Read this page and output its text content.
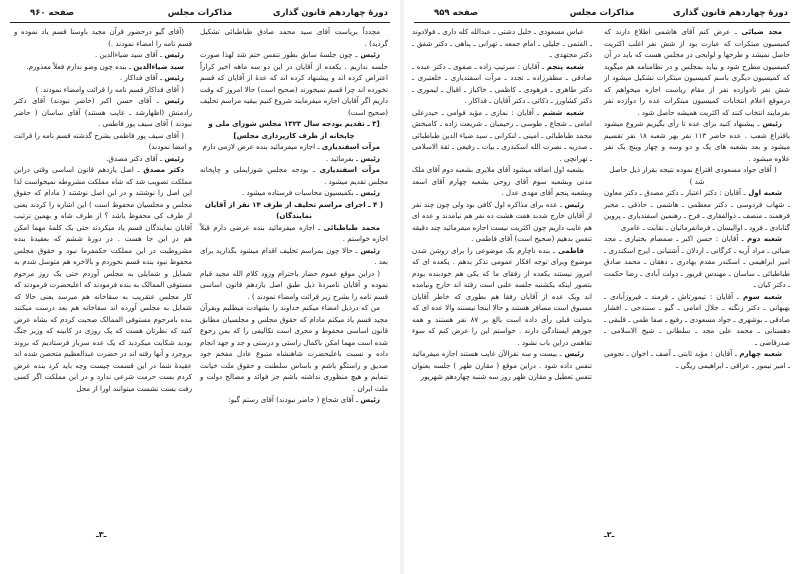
دورهٔ چهاردهم قانون گذاری
مذاکرات مجلس
صفحه ۹۶۰

مجدداً بریاست آقای سید محمد صادق طباطبائی تشکیل گردید) .

رئیس ـ چون جلسهٔ سابق بطور تنفس ختم شد لهذا صورت جلسه نداریم . یکعده از آقایان در این دو سه ماهه اخیر کراراً اعتراض کرده اند و پیشنهاد کرده اند که عدهٔ از آقایان که قسم نخورده اند چرا قسم نمیخورند (صحیح است) حالا امروز که وقت داریم اگر آقایان اجازه میفرمایند شروع کنیم بیقیه مراسم تحلیف (صحیح است)

[۳ ـ تقدیم بودجه سال ۱۳۲۳ مجلس شورای ملی و چاپخانه از طرف کارپردازی مجلس]

مرآت اسفندیاری ـ اجازه میفرمائید بنده عرض لازمی دارم

رئیس ـ بفرمائید .

مرآت اسفندیاری ـ بودجه مجلس شورایملی و چاپخانه مجلس تقدیم میشود .

رئیس ـ بکمیسیون محاسبات فرستاده میشود .

( ۴ ـ اجرای مراسم تحلیف از طرف ۱۴ نفر از آقایان نمایندگان)

محمد طباطبائی ـ اجازه میفرمائید بنده عرضی دارم قبلاً اجازه خواستم .

رئیس ـ حالا چون بمراسم تحلیف اقدام میشود بگذارید برای بعد .

( دراین موقع عموم حضار باحترام ورود کلام الله مجید قیام نموده و آقایان نامبردهٔ ذیل طبق اصل یازدهم قانون اساسی قسم نامه را بشرح زیر قرائت وامضاء نمودند ) .

من که درذیل امضاء میکنم خداوند را بشهادت میطلبم وبقرآن مجید قسم یاد میکنم مادام که حقوق مجلس و مجلسیان مطابق قانون اساسی محفوظ و مجری است تکالیفی را که بمن رجوع شده است مهما امکن باکمال راستی و درستی و جد و جهد انجام داده و نسبت باعلیحضرت شاهنشاه متبوع عادل مفخم خود صدیق و راستگو باشم و باساس سلطنت و حقوق ملت خیانت ننمایم و هیچ منظوری نداشته باشم جز فوائد و مصالح دولت و ملت ایران .

رئیس ـ آقای شجاع ( حاضر نبودند) آقای رستم گیو:

(آقای گیو درحضور قرآن مجید باوسنا قسم یاد نموده و قسم نامه را امضاء نمودند .)

رئیس ـ آقای سید ضیاءالدین .

سید ضیاءالدین ـ بنده چون وضو ندارم فعلاً معذورم.

رئیس ـ آقای فداکار .

( آقای فداکار قسم نامه را قرائت وامضاء نمودند. )

رئیس ـ آقای حسن اکبر (حاضر نبودند) آقای دکتر رادمنش (اظهارشد ـ غایب هستند) آقای ساسان ( حاضر نبودند ) آقای سیف پور فاطمی .

( آقای سیف پور فاطمی بشرح گذشته قسم نامه را قرائت و امضا نمودند)

رئیس ـ آقای دکتر مصدق.

دکتر مصدق ـ اصل یازدهم قانون اساسی وقتی دراین مملکت تصویب شد که شاه مملکت مشروطه نمیخواست لذا این اصل را نوشتند و در این اصل نوشتند ( مادام که حقوق مجلس و مجلسیان محفوظ است ) این اشاره را کردند یعنی از طرف کی محفوظ باشد ؟ از طرف شاه و بهمین ترتیب آقایان نمایندگان قسم یاد میکردند حتی یک کلمهٔ مهما امکن هم در این جا هست . در دورهٔ ششم که بعقیدهٔ بنده مشروطیت در این مملکت حکمفرما نبود و حقوق مجلس محفوظ نبود بنده قسم نخوردم و بالاخره هم متوسل شدم به شمایل و شمایلی به مجلس آوردم حتی یک روز مرحوم مستوفی الممالک به بنده فرمودند که اعلیحضرت فرمودند که کار مجلس عنقریب به سقاخانه هم میرسد یعنی حالا که شمایل به مجلس آورده اند سقاخانه هم بعد درست میکنند بنده بامرحوم مستوفی الممالک صحبت کردم که بشاه عرض کنید که نظرتان هست که یک روزی در کابینه که وزیر جنگ بودید شکایت میکردید که یک عده سرباز فرستادیم که بروند بروجرد و آنها رفته اند در حضرت عبدالعظیم متحصن شده اند عقیدهٔ شما در این قسمت چیست وچه باید کرد بنده عرض کردم بست حرمت شرعی ندارد و در این مملکت اگر کسی رفت بست نشست میتوانند اورا از محل

ـ۳ـ
دورهٔ چهاردهم قانون گذاری
مذاکرات مجلس
صفحه ۹۵۹

مجد ضیائی ـ عرض کنم آقای هاشمی اطلاع دارند که کمیسیون مبتکرات که عبارت بود از شش نفر اغلب اکثریت حاصل نمیشد و طرحها و لوایحی در مجلس هست که باید در آن کمیسیون مطرح شود و بیاید بمجلس و در نظامنامه هم میگوید که کمیسیون دیگری باسم کمیسیون مبتکرات تشکیل میشود از شش نفر تادوازده نفر از مقام ریاست اجازه میخواهم که درموقع اعلام انتخابات کمیسیون مبتکرات عده را دوازده نفر بفرمایند انتخاب کنند که اکثریت همیشه حاصل شود .

رئیس ـ پیشنهاد کنید برای عده تا رأی بگیریم شروع میشود باقتراع شعب . عده حاضر ۱۱۳ نفر بهر شعبه ۱۸ نفر تقسیم میشود و بعد بشعبه های یک و دو وسه و چهار وپنج یک نفر علاوه میشود .

( آقای جواد مسعودی اقتراع نموده نتیجه بقرار ذیل حاصل شد )

شعبه اول ـ آقایان : دکتر اعتبار ـ دکتر مصدق ـ دکتر معاون ـ شهاب فردوسی ـ دکتر معظمی ـ هاشمی ـ حاذقی ـ مخبر فرهمند ـ منصف ـ ذوالفقاری ـ فرخ ـ رهنمین اسفندیاری ـ پروین گنابادی ـ فرود ـ اوالیسان ـ فرمانفرمائیان ـ نقابت ـ عامری

شعبه دوم ـ آقایان : حسن اکبر ـ صمصام بختیاری ـ مجد ضیائی ـ مراد آریه ـ کرگانی ـ اردلان ـ آشتیانی ـ ایرج اسکندری ـ امیر ابراهیمی ـ اسکندر مقدم بهادری ـ دهقان ـ محمد صادق طباطبائی ـ ساسان ـ مهندس فریور ـ دولت آبادی ـ رضا حکمت ـ دکتر کیان ـ

شعبه سوم ـ آقایان : تیمورتاش ـ فرمند ـ فیروزآبادی ـ بهبهانی ـ دکتر زنگنه ـ جلال امامی ـ گیو ـ سنندجی ـ افشار صادقی ـ بوشهری ـ جواد مسعودی ـ رفیع ـ صفا طمی ـ قلبقی ـ دهستانی ـ محمد علی مجد ـ سلطانی ـ شیخ الاسلامی ـ صدرقاضی ـ

شعبه چهارم ـ آقایان : مؤید ثابتی ـ آصف ـ اخوان ـ نجومی ـ امیر تیمور ـ عراقی ـ ابراهیمی ریگی ـ

عباس مسعودی ـ خلیل دشتی ـ عبدالله کله داری ـ فولادوند ـ الفتمی ـ جلیلی ـ امام جمعه ـ تهرانی ـ پناهی ـ دکتر شفق ـ دکتر مجتهدی ـ

شعبه پنجم ـ آقایان : سرتیپ زاده ـ صفوی ـ دکتر عبده ـ صادقی ـ مظفرزاده ـ تجدد ـ مرآت اسفندیاری ـ خلعتبری ـ دکتر طاهری ـ فرهودی ـ کاظمی ـ خاکباز ـ اقبال ـ لیموری ـ دکتر کشاورز ـ ذکائی ـ دکتر آقایان ـ فداکار .

شعبه ششم ـ آقایان : نمازی ـ مؤید قوامی ـ حیدرعلی امامی ـ شجاع ـ طوسی ـ رحیمیان ـ شریعت زاده ـ کامبخش محمد طباطبائی ـ امینی ـ لنکرانی ـ سید ضیاء الدین طباطبائی ـ صدریه ـ نصرت الله اسکندری ـ بیات ـ رفیعی ـ ثقة الاسلامی ـ تهرانچی .

بشعبه اول اضافه میشود آقای ملایری بشعبه دوم آقای ملک مدنی وبشعبه سوم آقای روحی بشعبه چهارم آقای اسعد وبشعبه پنجم آقای مهدی عدل .

رئیس ـ عده برای مذاکره اول کافی بود ولی چون چند نفر از آقایان خارج شدند هفت هشت ده نفر هم نیامدند و عده ای هم غایب داریم چون اکثریت نیست اجازه میفرمائید چند دقیقه تنفس بدهیم (صحیح است) آقای فاطمی .

فاطمی ـ بنده ناچارم یک موضوعی را برای روشن شدن موضوع وبرای توجه افکار عمومی تذکر بدهم . یکعده ای که امروز نیستند یکعده از رفقای ما که یکی هم خودبنده بودم بتصور اینکه یکشنبه جلسه علنی است رفته اند خارج ونیامده اند ویک عده از آقایان رفقا هم بطوری که خاطر آقایان مسبوق است مسافر هستند و حالا اینجا نیستند والا عده ای که بدولت قبلی رأی داده است بالغ بر ۸۷ نفر هستند و همه جورهم ایستادگی دارند . خواستم این را عرض کنم که سوء تفاهمی دراین باب نشود .

رئیس ـ بیست و سه نفرالآن غایب هستند اجازه میفرمائید تنفس داده شود . دراین موقع ( مقارن ظهر ) جلسه بعنوان تنفس تعطیل و مقارن ظهر روز سه شنبه چهاردهم شهریور

ـ۲ـ
